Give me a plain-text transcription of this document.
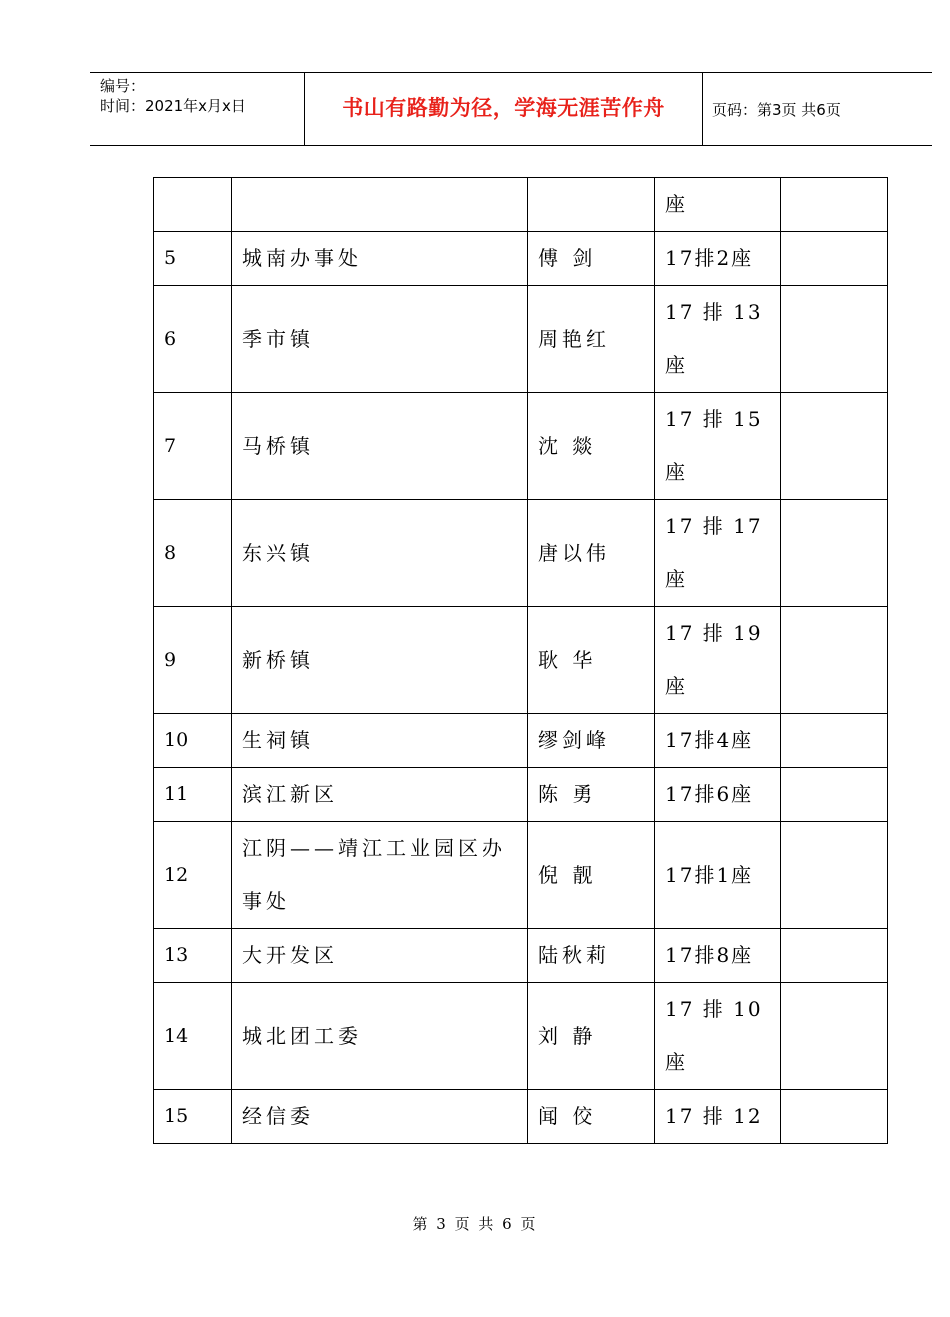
编号：
时间：2021年x月x日	书山有路勤为径，学海无涯苦作舟	页码：第3页 共6页
			座	
5	城南办事处	傅 剑	17排2座	
6	季市镇	周艳红	17 排 13 座	
7	马桥镇	沈 燚	17 排 15 座	
8	东兴镇	唐以伟	17 排 17 座	
9	新桥镇	耿 华	17 排 19 座	
10	生祠镇	缪剑峰	17排4座	
11	滨江新区	陈 勇	17排6座	
12	江阴——靖江工业园区办事处	倪 靓	17排1座	
13	大开发区	陆秋莉	17排8座	
14	城北团工委	刘 静	17 排 10 座	
15	经信委	闻 佼	17 排 12	
第 3 页 共 6 页
